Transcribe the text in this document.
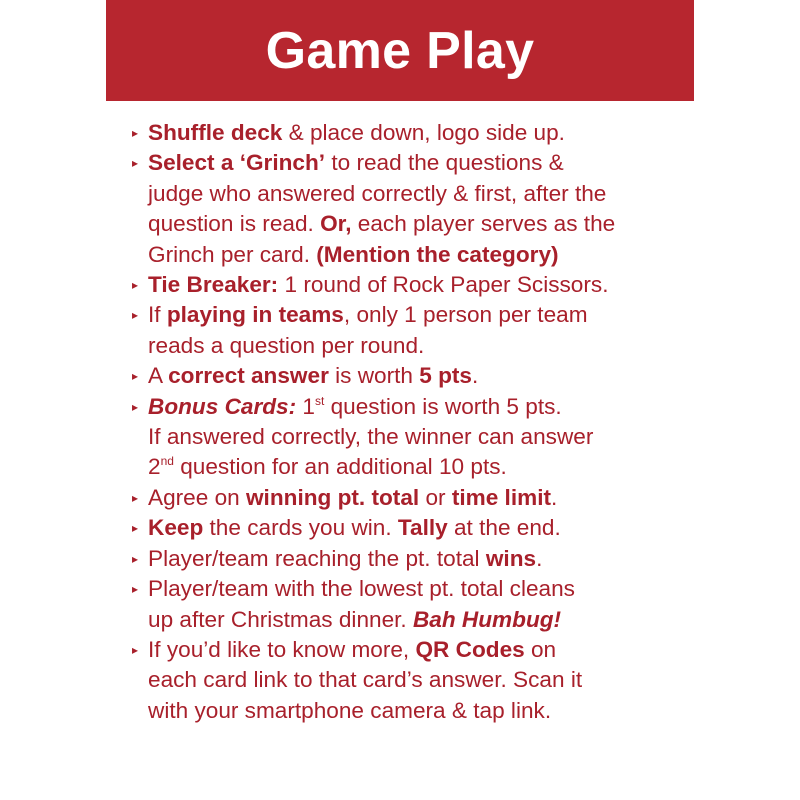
Game Play
▸
Shuffle deck & place down, logo side up.
▸
Select a ‘Grinch’ to read the questions &
judge who answered correctly & first, after the
question is read. Or, each player serves as the
Grinch per card. (Mention the category)
▸
Tie Breaker: 1 round of Rock Paper Scissors.
▸
If playing in teams, only 1 person per team
reads a question per round.
▸
A correct answer is worth 5 pts.
▸
Bonus Cards: 1st question is worth 5 pts.
If answered correctly, the winner can answer
2nd question for an additional 10 pts.
▸
Agree on winning pt. total or time limit.
▸
Keep the cards you win. Tally at the end.
▸
Player/team reaching the pt. total wins.
▸
Player/team with the lowest pt. total cleans
up after Christmas dinner. Bah Humbug!
▸
If you’d like to know more, QR Codes on
each card link to that card’s answer. Scan it
with your smartphone camera & tap link.
